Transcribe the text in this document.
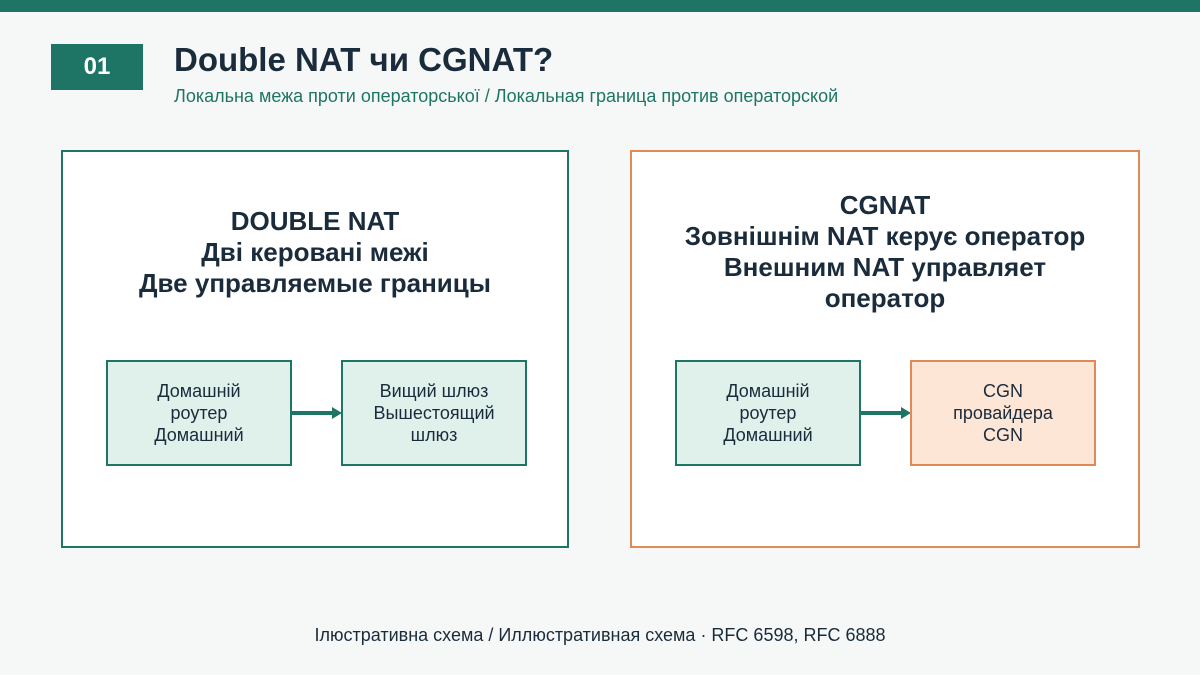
01	Double NAT чи CGNAT?
Локальна межа проти операторської / Локальная граница против операторской
DOUBLE NAT
Дві керовані межі
Две управляемые границы
Домашній
роутер
Домашний
Вищий шлюз
Вышестоящий
шлюз
CGNAT
Зовнішнім NAT керує оператор
Внешним NAT управляет
оператор
Домашній
роутер
Домашний
CGN
провайдера
CGN
Ілюстративна схема / Иллюстративная схема · RFC 6598, RFC 6888
